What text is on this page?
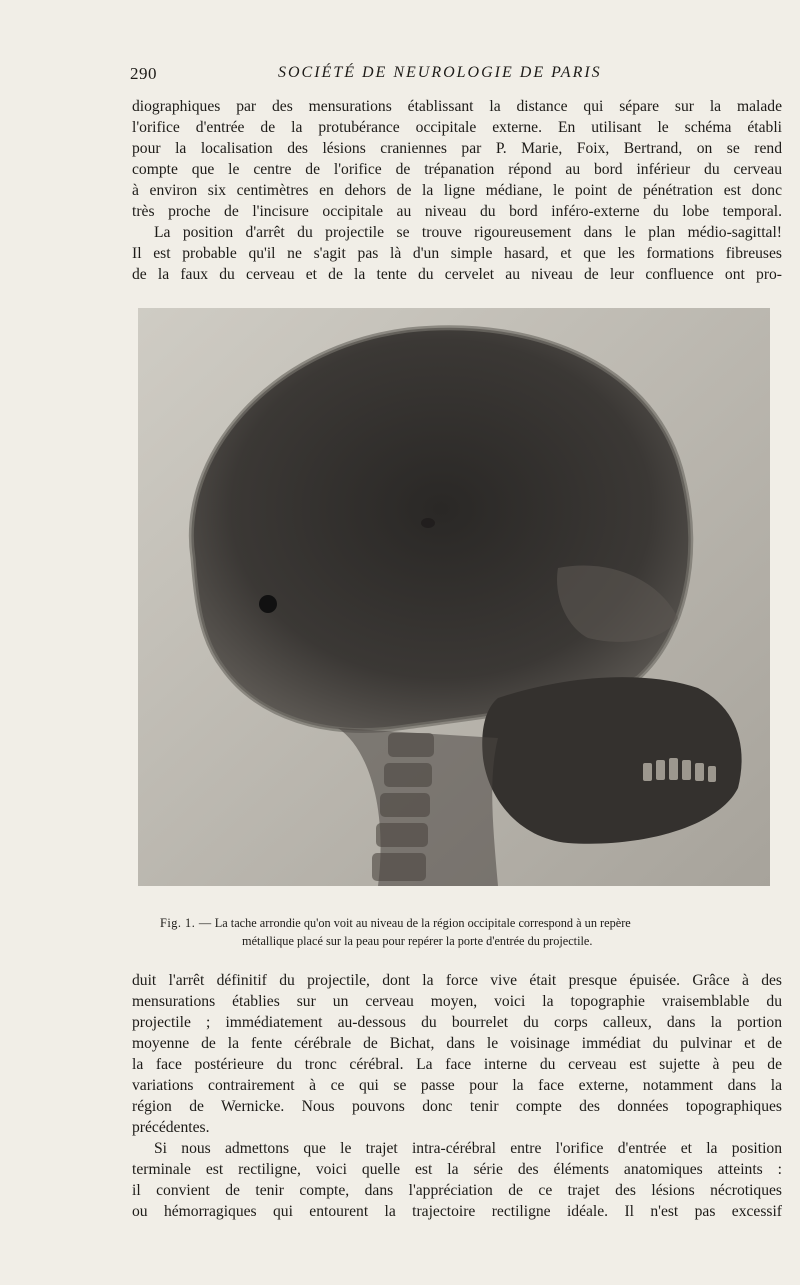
290	SOCIÉTÉ DE NEUROLOGIE DE PARIS
diographiques par des mensurations établissant la distance qui sépare sur la malade
l'orifice d'entrée de la protubérance occipitale externe. En utilisant le schéma établi
pour la localisation des lésions craniennes par P. Marie, Foix, Bertrand, on se rend
compte que le centre de l'orifice de trépanation répond au bord inférieur du cerveau
à environ six centimètres en dehors de la ligne médiane, le point de pénétration est donc
très proche de l'incisure occipitale au niveau du bord inféro-externe du lobe temporal.
La position d'arrêt du projectile se trouve rigoureusement dans le plan médio-sagittal!
Il est probable qu'il ne s'agit pas là d'un simple hasard, et que les formations fibreuses
de la faux du cerveau et de la tente du cervelet au niveau de leur confluence ont pro-
Fig. 1. — La tache arrondie qu'on voit au niveau de la région occipitale correspond à un repère
métallique placé sur la peau pour repérer la porte d'entrée du projectile.
duit l'arrêt définitif du projectile, dont la force vive était presque épuisée. Grâce à des
mensurations établies sur un cerveau moyen, voici la topographie vraisemblable du
projectile ; immédiatement au-dessous du bourrelet du corps calleux, dans la portion
moyenne de la fente cérébrale de Bichat, dans le voisinage immédiat du pulvinar et de
la face postérieure du tronc cérébral. La face interne du cerveau est sujette à peu de
variations contrairement à ce qui se passe pour la face externe, notamment dans la
région de Wernicke. Nous pouvons donc tenir compte des données topographiques
précédentes.
Si nous admettons que le trajet intra-cérébral entre l'orifice d'entrée et la position
terminale est rectiligne, voici quelle est la série des éléments anatomiques atteints :
il convient de tenir compte, dans l'appréciation de ce trajet des lésions nécrotiques
ou hémorragiques qui entourent la trajectoire rectiligne idéale. Il n'est pas excessif
